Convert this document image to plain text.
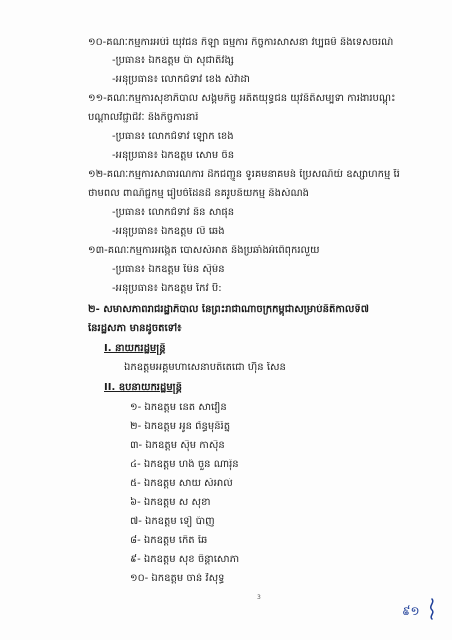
១០-គណៈកម្មការអប់រំ យុវជន កីឡា ធម្មការ កិច្ចការសាសនា វប្បធម៌ និងទេសចរណ៍
-ប្រធាន៖ ឯកឧត្ដម ប៉ា សុជាតិវង្ស
-អនុប្រធាន៖ លោកជំទាវ ខេង សំវ៉ាដា
១១-គណៈកម្មការសុខាភិបាល សង្គមកិច្ច អតីតយុទ្ធជន យុវនីតិសម្បទា ការងារបណ្ដុះ
បណ្ដាលវិជ្ជាជីវៈ និងកិច្ចការនារី
-ប្រធាន៖ លោកជំទាវ ឡោក ខេង
-អនុប្រធាន៖ ឯកឧត្ដម សោម ចិន
១២-គណៈកម្មការសាធារណការ ដឹកជញ្ជូន ទូរគមនាគមន៍ ប្រៃសណីយ៍ ឧស្សាហកម្ម រ៉ែ
ថាមពល ពាណិជ្ជកម្ម រៀបចំដែនដី នគរូបនីយកម្ម និងសំណង់
-ប្រធាន៖ លោកជំទាវ និន សាផុន
-អនុប្រធាន៖ ឯកឧត្ដម លី ឆេង
១៣-គណៈកម្មការអង្កេត បោសសំអាត និងប្រឆាំងអំពើពុករលួយ
-ប្រធាន៖ ឯកឧត្ដម ម៉ែន ស៊ីម៉ន
-អនុប្រធាន៖ ឯកឧត្ដម កែវ ប៊ី:
២- សមាសភាពរាជរដ្ឋាភិបាល នៃព្រះរាជាណាចក្រកម្ពុជាសម្រាប់នីតិកាលទី៧
នៃរដ្ឋសភា មានដូចតទៅ៖
I. នាយករដ្ឋមន្ត្រី
ឯកឧត្ដមអគ្គមហាសេនាបតីតេជោ ហ៊ុន សែន
II. ឧបនាយករដ្ឋមន្ត្រី
១- ឯកឧត្ដម នេត សាវឿន
២- ឯកឧត្ដម អូន ព័ន្ធមុនីរ័ត្ន
៣- ឯកឧត្ដម ស៊ីម កាស៊ីន
៤- ឯកឧត្ដម ហង់ ចួន ណារ៉ុន
៥- ឯកឧត្ដម សាយ សំអាល់
៦- ឯកឧត្ដម ស សុខា
៧- ឯកឧត្ដម ទៀ ប៉ាញ
៨- ឯកឧត្ដម កើត ឆៃ
៩- ឯកឧត្ដម សុខ ចិន្ដាសោភា
១០- ឯកឧត្ដម ចាន់ វិសុទ្ធ
3
៩១
